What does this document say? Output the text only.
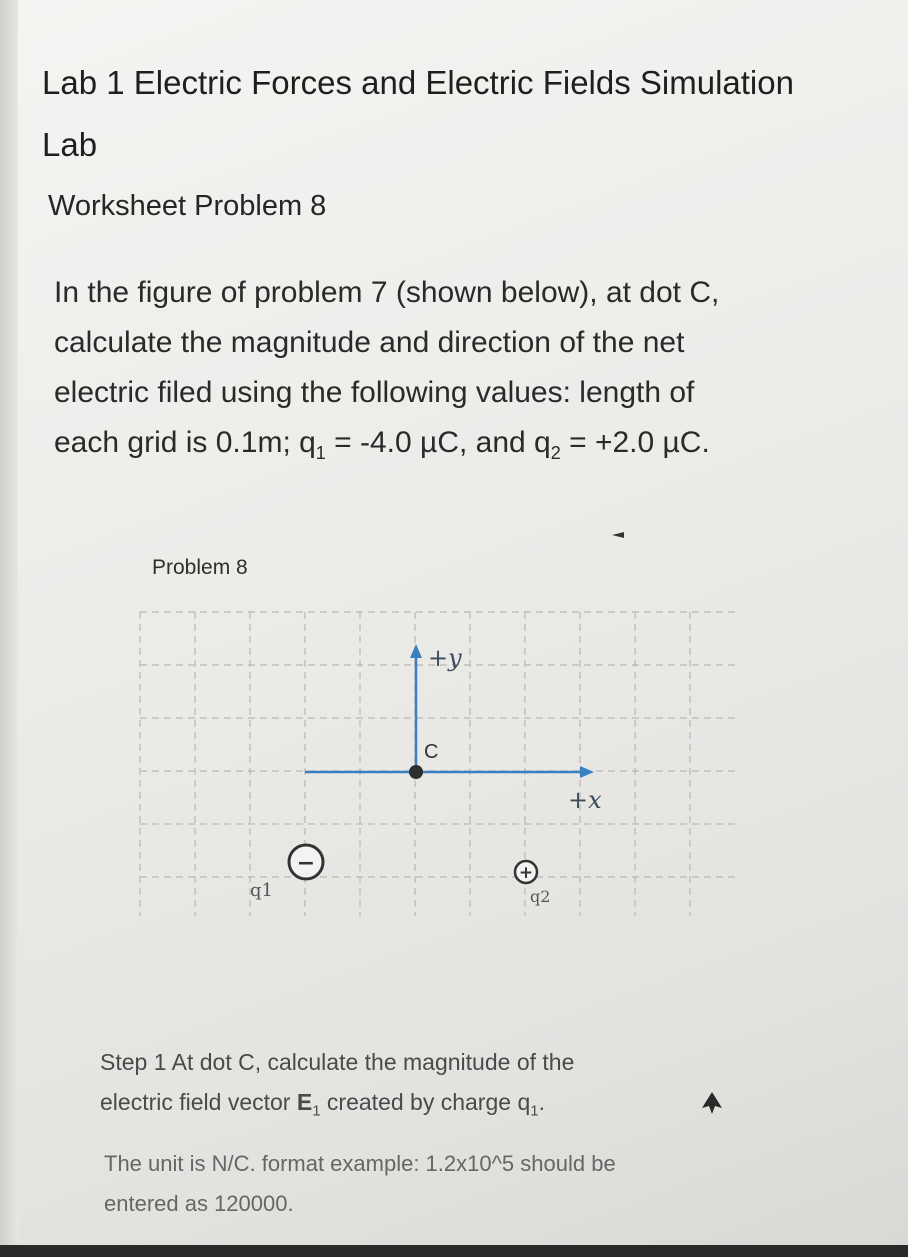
Lab 1 Electric Forces and Electric Fields Simulation Lab
Worksheet Problem 8
In the figure of problem 7 (shown below), at dot C,
calculate the magnitude and direction of the net
electric filed using the following values: length of
each grid is 0.1m; $q_1 = -4.0$ µC, and $q_2 = +2.0$ µC.
Problem 8
+y
+x
C
−
q1
+
q2
Step 1 At dot C, calculate the magnitude of the
electric field vector $E_1$ created by charge $q_1$.
The unit is N/C. format example: 1.2x10^5 should be
entered as 120000.
